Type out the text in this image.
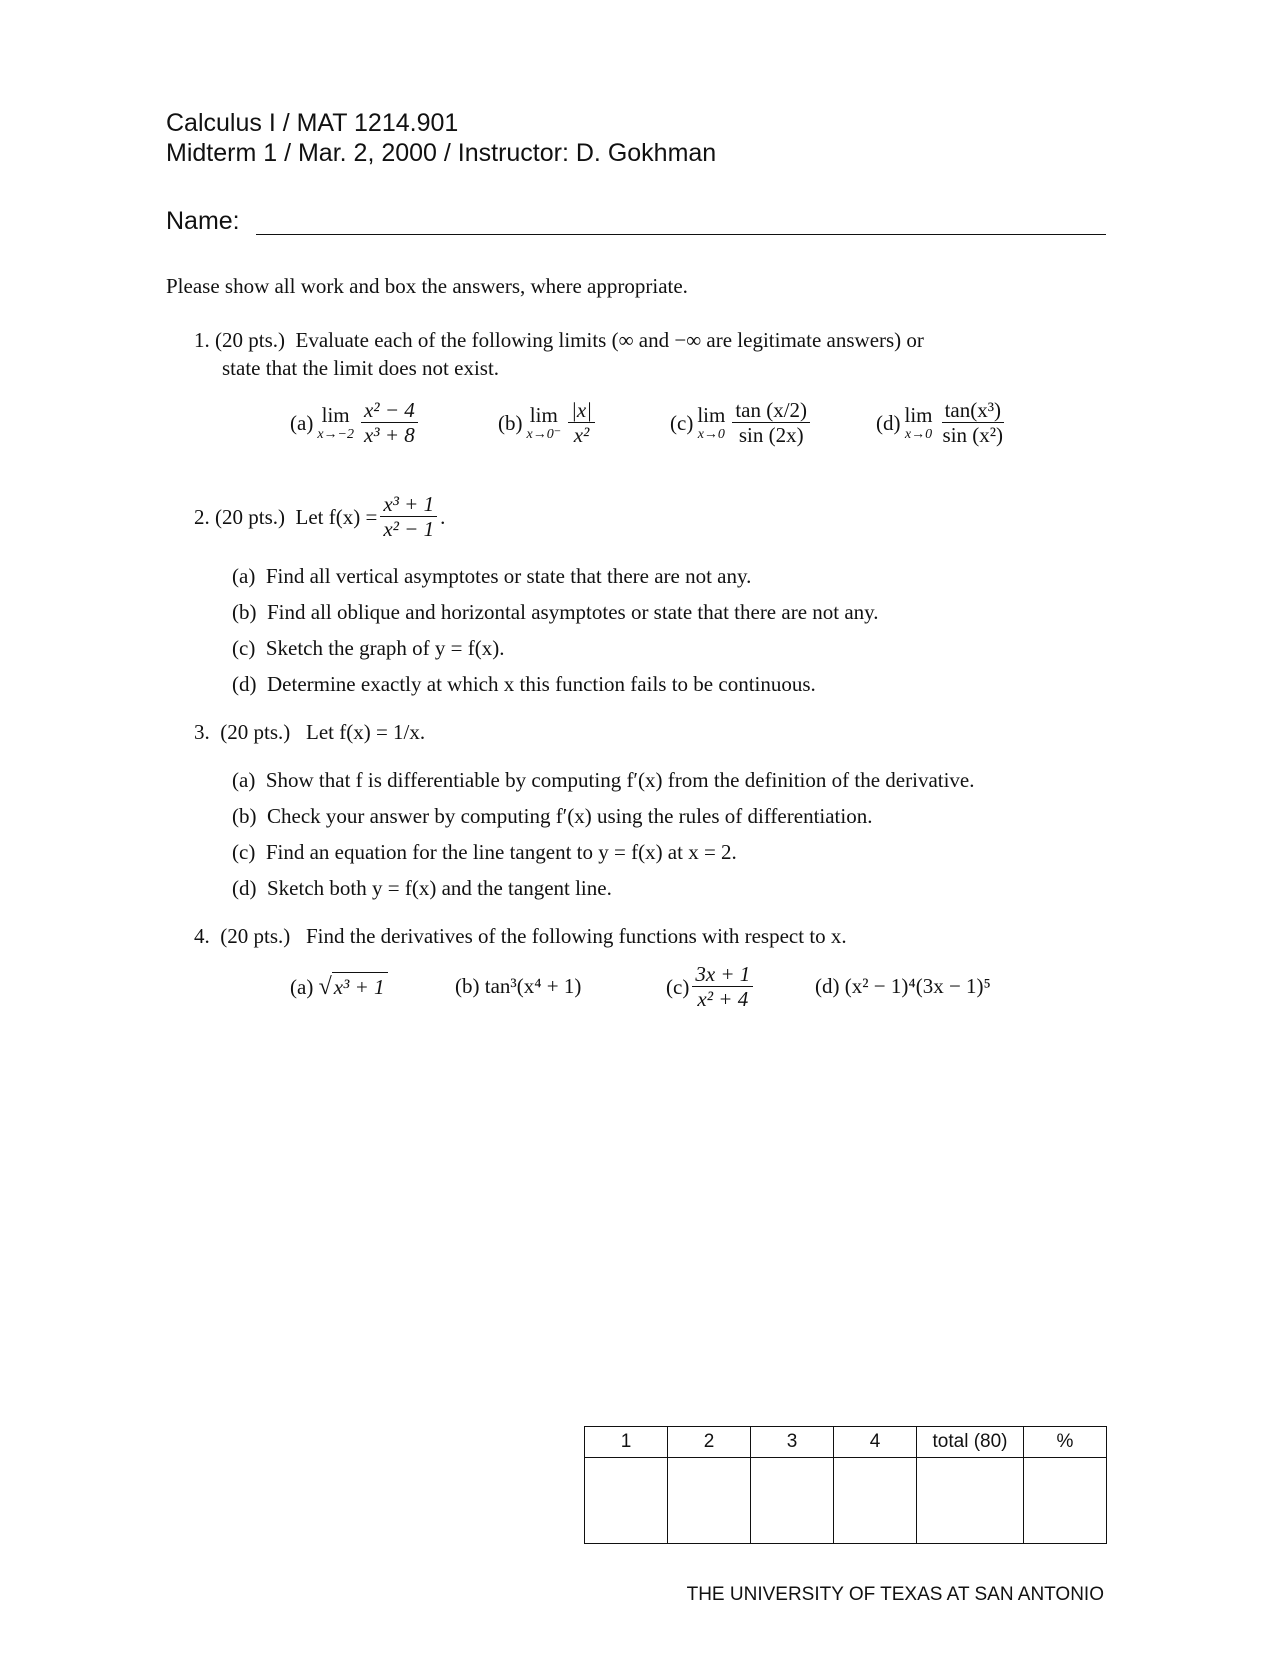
Calculus I / MAT 1214.901
Midterm 1 / Mar. 2, 2000 / Instructor: D. Gokhman
Name:
Please show all work and box the answers, where appropriate.
1. (20 pts.) Evaluate each of the following limits (∞ and −∞ are legitimate answers) or
state that the limit does not exist.
(a) lim
$x\to-2 \frac{\text{x² − 4}}{\text{x³ + 8}}$	(b) lim
$x\to 0^- \frac{|x|}{\text{x²}}$	(c) lim
$x\to 0 \frac{\tan (x/2)}{\sin (2x)}$	(d) lim
$x\to 0 \frac{\text{tan(x³)}}{\text{sin (x²)}}$
2.
(20 pts.)
Let $f(x) = \frac{\text{x³ + 1}}{\text{x² − 1}}$ .
(a) Find all vertical asymptotes or state that there are not any.
(b) Find all oblique and horizontal asymptotes or state that there are not any.
(c) Sketch the graph of y = f(x).
(d) Determine exactly at which x this function fails to be continuous.
3. (20 pts.) Let f(x) = 1/x.
(a) Show that f is differentiable by computing f′(x) from the definition of the derivative.
(b) Check your answer by computing f′(x) using the rules of differentiation.
(c) Find an equation for the line tangent to y = f(x) at x = 2.
(d) Sketch both y = f(x) and the tangent line.
4. (20 pts.) Find the derivatives of the following functions with respect to x.
(a)
√ x³ + 1	(b)
tan³(x⁴ + 1)	$(c) \frac{3x + 1}{\text{x² + 4}}$	(d)
(x² − 1)⁴(3x − 1)⁵
1	2	3	4	total (80)	%

THE UNIVERSITY OF TEXAS AT SAN ANTONIO
